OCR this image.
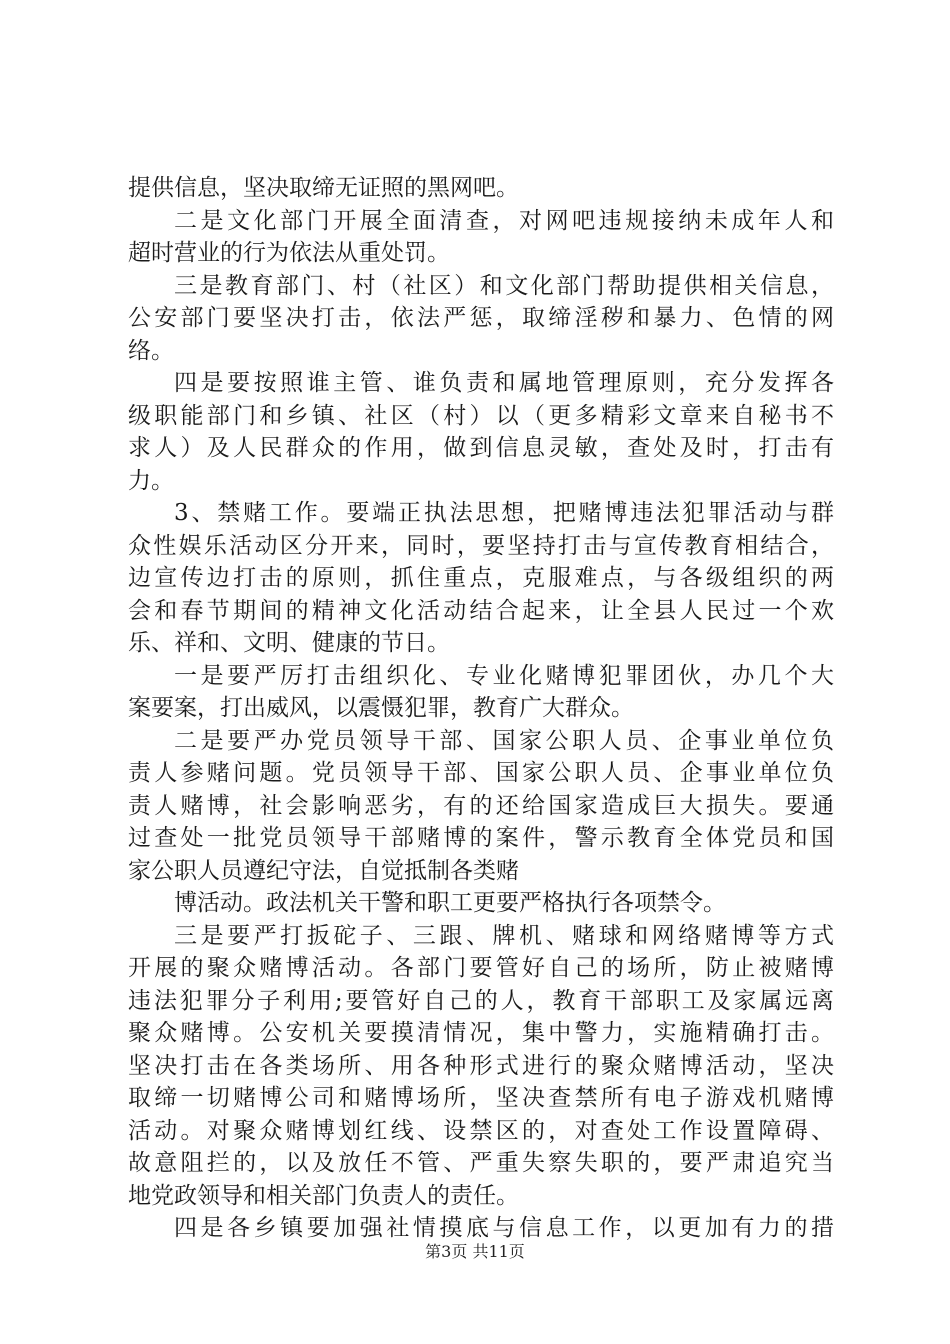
提供信息，坚决取缔无证照的黑网吧。
二是文化部门开展全面清查，对网吧违规接纳未成年人和
超时营业的行为依法从重处罚。
三是教育部门、村（社区）和文化部门帮助提供相关信息，
公安部门要坚决打击，依法严惩，取缔淫秽和暴力、色情的网
络。
四是要按照谁主管、谁负责和属地管理原则，充分发挥各
级职能部门和乡镇、社区（村）以（更多精彩文章来自秘书不
求人）及人民群众的作用，做到信息灵敏，查处及时，打击有
力。
3、禁赌工作。要端正执法思想，把赌博违法犯罪活动与群
众性娱乐活动区分开来，同时，要坚持打击与宣传教育相结合，
边宣传边打击的原则，抓住重点，克服难点，与各级组织的两
会和春节期间的精神文化活动结合起来，让全县人民过一个欢
乐、祥和、文明、健康的节日。
一是要严厉打击组织化、专业化赌博犯罪团伙，办几个大
案要案，打出威风，以震慑犯罪，教育广大群众。
二是要严办党员领导干部、国家公职人员、企事业单位负
责人参赌问题。党员领导干部、国家公职人员、企事业单位负
责人赌博，社会影响恶劣，有的还给国家造成巨大损失。要通
过查处一批党员领导干部赌博的案件，警示教育全体党员和国
家公职人员遵纪守法，自觉抵制各类赌
博活动。政法机关干警和职工更要严格执行各项禁令。
三是要严打扳砣子、三跟、牌机、赌球和网络赌博等方式
开展的聚众赌博活动。各部门要管好自己的场所，防止被赌博
违法犯罪分子利用;要管好自己的人，教育干部职工及家属远离
聚众赌博。公安机关要摸清情况，集中警力，实施精确打击。
坚决打击在各类场所、用各种形式进行的聚众赌博活动，坚决
取缔一切赌博公司和赌博场所，坚决查禁所有电子游戏机赌博
活动。对聚众赌博划红线、设禁区的，对查处工作设置障碍、
故意阻拦的，以及放任不管、严重失察失职的，要严肃追究当
地党政领导和相关部门负责人的责任。
四是各乡镇要加强社情摸底与信息工作，以更加有力的措
第3页 共11页
